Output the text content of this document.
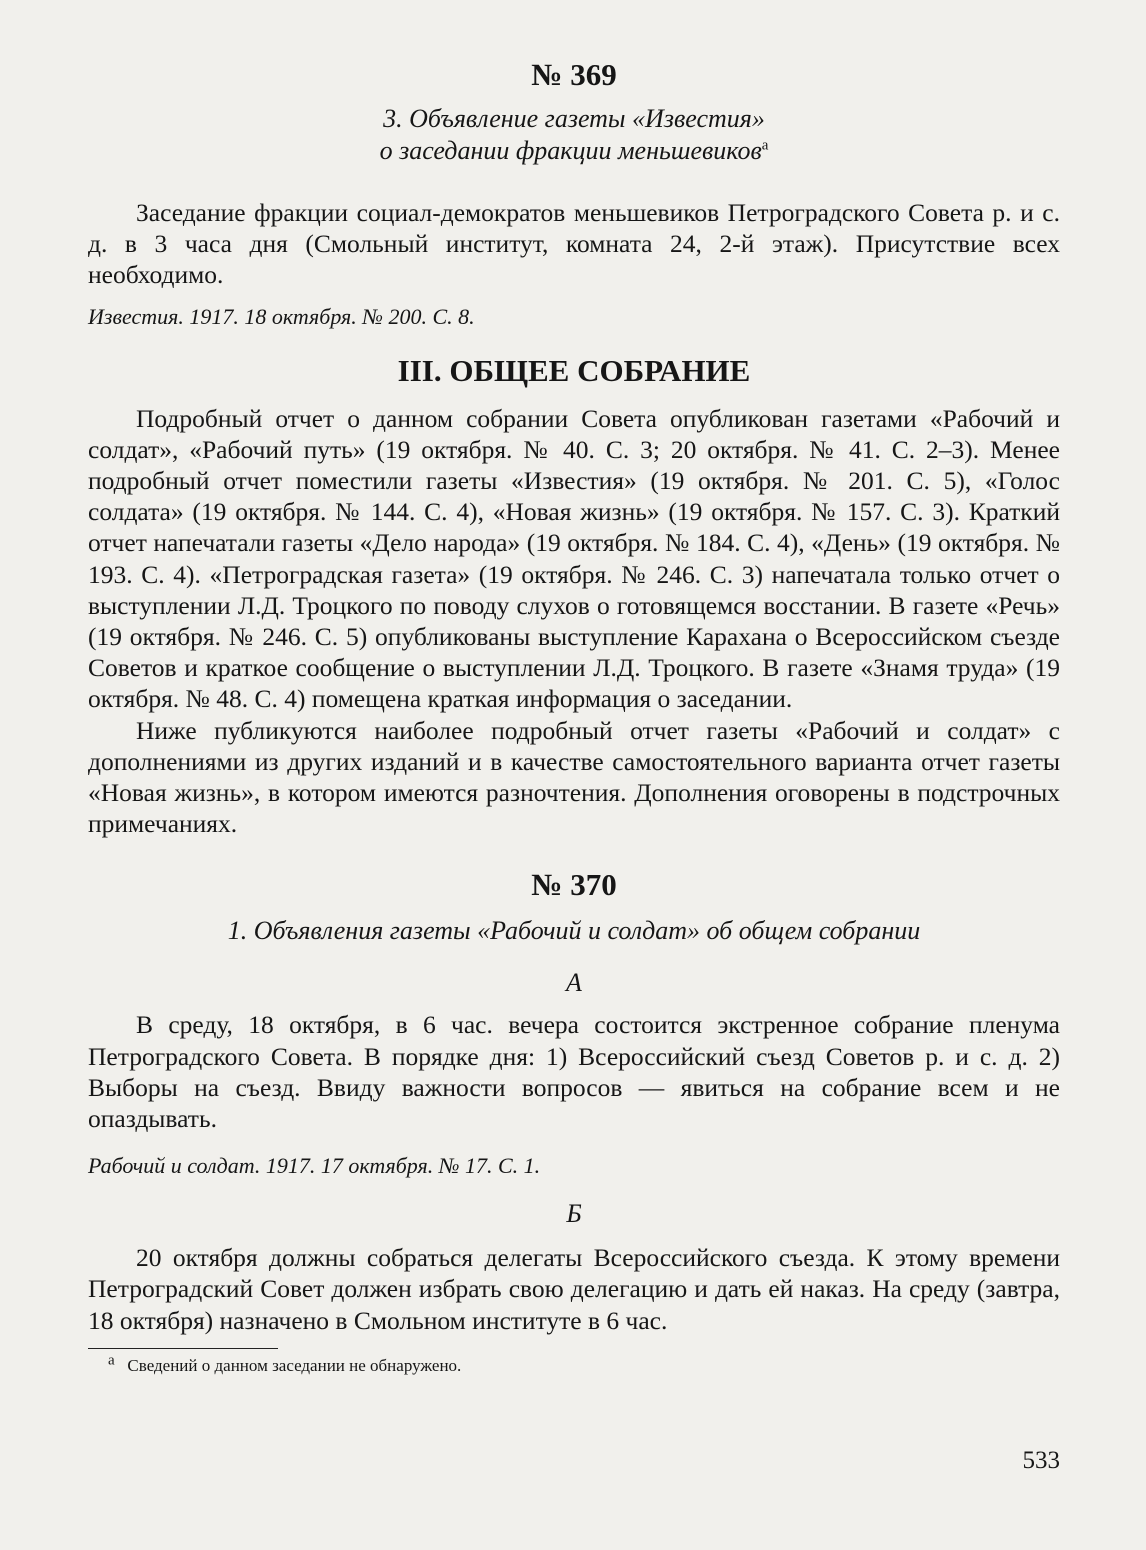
№ 369
3. Объявление газеты «Известия»
о заседании фракции меньшевиков$^а$

Заседание фракции социал-демократов меньшевиков Петроградского Совета р. и с. д. в 3 часа дня (Смольный институт, комната 24, 2-й этаж). Присутствие всех необходимо.

Известия. 1917. 18 октября. № 200. С. 8.
III. ОБЩЕЕ СОБРАНИЕ

Подробный отчет о данном собрании Совета опубликован газетами «Рабочий и солдат», «Рабочий путь» (19 октября. № 40. С. 3; 20 октября. № 41. С. 2–3). Менее подробный отчет поместили газеты «Известия» (19 октября. № 201. С. 5), «Голос солдата» (19 октября. № 144. С. 4), «Новая жизнь» (19 октября. № 157. С. 3). Краткий отчет напечатали газеты «Дело народа» (19 октября. № 184. С. 4), «День» (19 октября. № 193. С. 4). «Петроградская газета» (19 октября. № 246. С. 3) напечатала только отчет о выступлении Л.Д. Троцкого по поводу слухов о готовящемся восстании. В газете «Речь» (19 октября. № 246. С. 5) опубликованы выступление Карахана о Всероссийском съезде Советов и краткое сообщение о выступлении Л.Д. Троцкого. В газете «Знамя труда» (19 октября. № 48. С. 4) помещена краткая информация о заседании.

Ниже публикуются наиболее подробный отчет газеты «Рабочий и солдат» с дополнениями из других изданий и в качестве самостоятельного варианта отчет газеты «Новая жизнь», в котором имеются разночтения. Дополнения оговорены в подстрочных примечаниях.

№ 370
1. Объявления газеты «Рабочий и солдат» об общем собрании
А

В среду, 18 октября, в 6 час. вечера состоится экстренное собрание пленума Петроградского Совета. В порядке дня: 1) Всероссийский съезд Советов р. и с. д. 2) Выборы на съезд. Ввиду важности вопросов — явиться на собрание всем и не опаздывать.

Рабочий и солдат. 1917. 17 октября. № 17. С. 1.
Б

20 октября должны собраться делегаты Всероссийского съезда. К этому времени Петроградский Совет должен избрать свою делегацию и дать ей наказ. На среду (завтра, 18 октября) назначено в Смольном институте в 6 час.

$^а$ Сведений о данном заседании не обнаружено.
533
